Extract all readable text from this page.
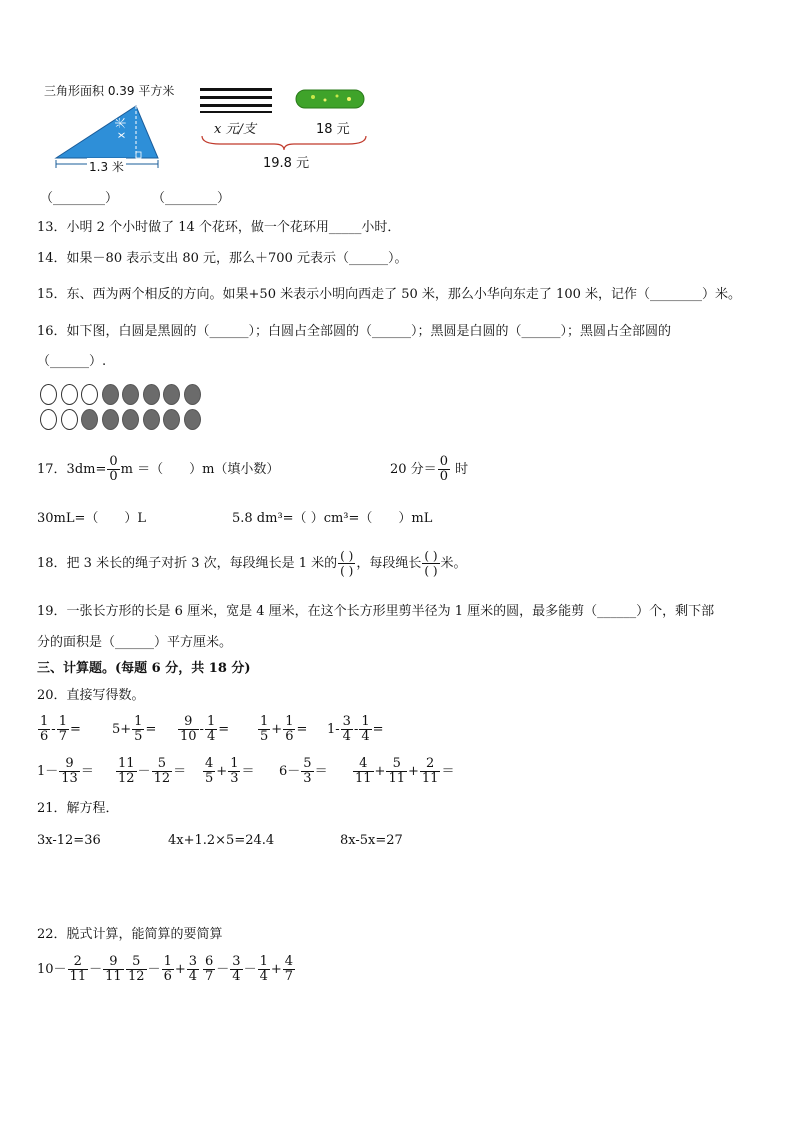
三角形面积 0.39 平方米
x 米
1.3 米
（________）
x 元/支	18 元
19.8 元
（________）
13．小明 2 个小时做了 14 个花环，做一个花环用_____小时．
14．如果－80 表示支出 80 元，那么＋700 元表示（______）。
15．东、西为两个相反的方向。如果+50 米表示小明向西走了 50 米，那么小华向东走了 100 米，记作（________）米。
16．如下图，白圆是黑圆的（______）；白圆占全部圆的（______）；黑圆是白圆的（______）；黑圆占全部圆的
（______）.
17．$3dm= \frac{0}{0}$ m ＝（　　）m（填小数）	20 分＝ $\frac{0}{0}$ 时
30mL=（　　）L	5.8 dm³=（ ）cm³=（　　）mL
18．把 3 米长的绳子对折 3 次，每段绳长是 1 米的 $\frac{( )}{( )}$ ，每段绳长 $\frac{( )}{( )}$ 米。
19．一张长方形的长是 6 厘米，宽是 4 厘米，在这个长方形里剪半径为 1 厘米的圆，最多能剪（______）个，剩下部
分的面积是（______）平方厘米。
三、计算题。(每题 6 分，共 18 分)
20．直接写得数。
$\frac{1}{6} - \frac{1}{7} = 5+ \frac{1}{5} = \frac{9}{10} - \frac{1}{4} = \frac{1}{5} + \frac{1}{6} = 1- \frac{3}{4} - \frac{1}{4}$ =
$1- \frac{9}{13} = \frac{11}{12} - \frac{5}{12} = \frac{4}{5} + \frac{1}{3} = 6- \frac{5}{3} = \frac{4}{11} + \frac{5}{11} + \frac{2}{11}$ ＝
21．解方程．
3x-12=36	4x+1.2×5=24.4	8x-5x=27
22．脱式计算，能简算的要简算
$10- \frac{2}{11} - \frac{9}{11} \frac{5}{12} - \frac{1}{6} + \frac{3}{4} \frac{6}{7} - \frac{3}{4} - \frac{1}{4} + \frac{4}{7}$
